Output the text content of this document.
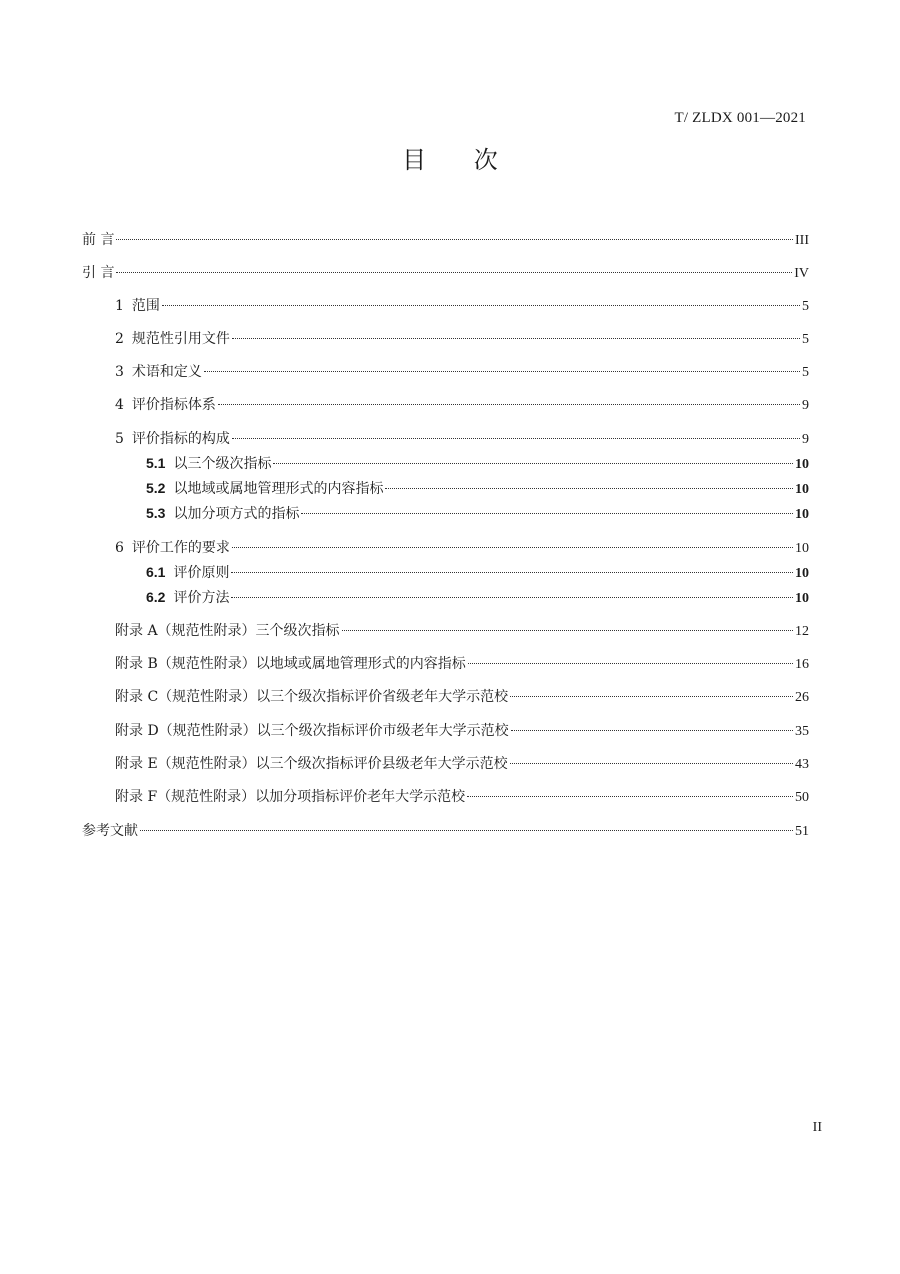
T/ ZLDX 001—2021
目 次
前 言	III
引 言	IV
1 范围	5
2 规范性引用文件	5
3 术语和定义	5
4 评价指标体系	9
5 评价指标的构成	9
5.1 以三个级次指标	10
5.2 以地域或属地管理形式的内容指标	10
5.3 以加分项方式的指标	10
6 评价工作的要求	10
6.1 评价原则	10
6.2 评价方法	10
附录 A（规范性附录）三个级次指标	12
附录 B（规范性附录）以地域或属地管理形式的内容指标	16
附录 C（规范性附录）以三个级次指标评价省级老年大学示范校	26
附录 D（规范性附录）以三个级次指标评价市级老年大学示范校	35
附录 E（规范性附录）以三个级次指标评价县级老年大学示范校	43
附录 F（规范性附录）以加分项指标评价老年大学示范校	50
参考文献	51
II
